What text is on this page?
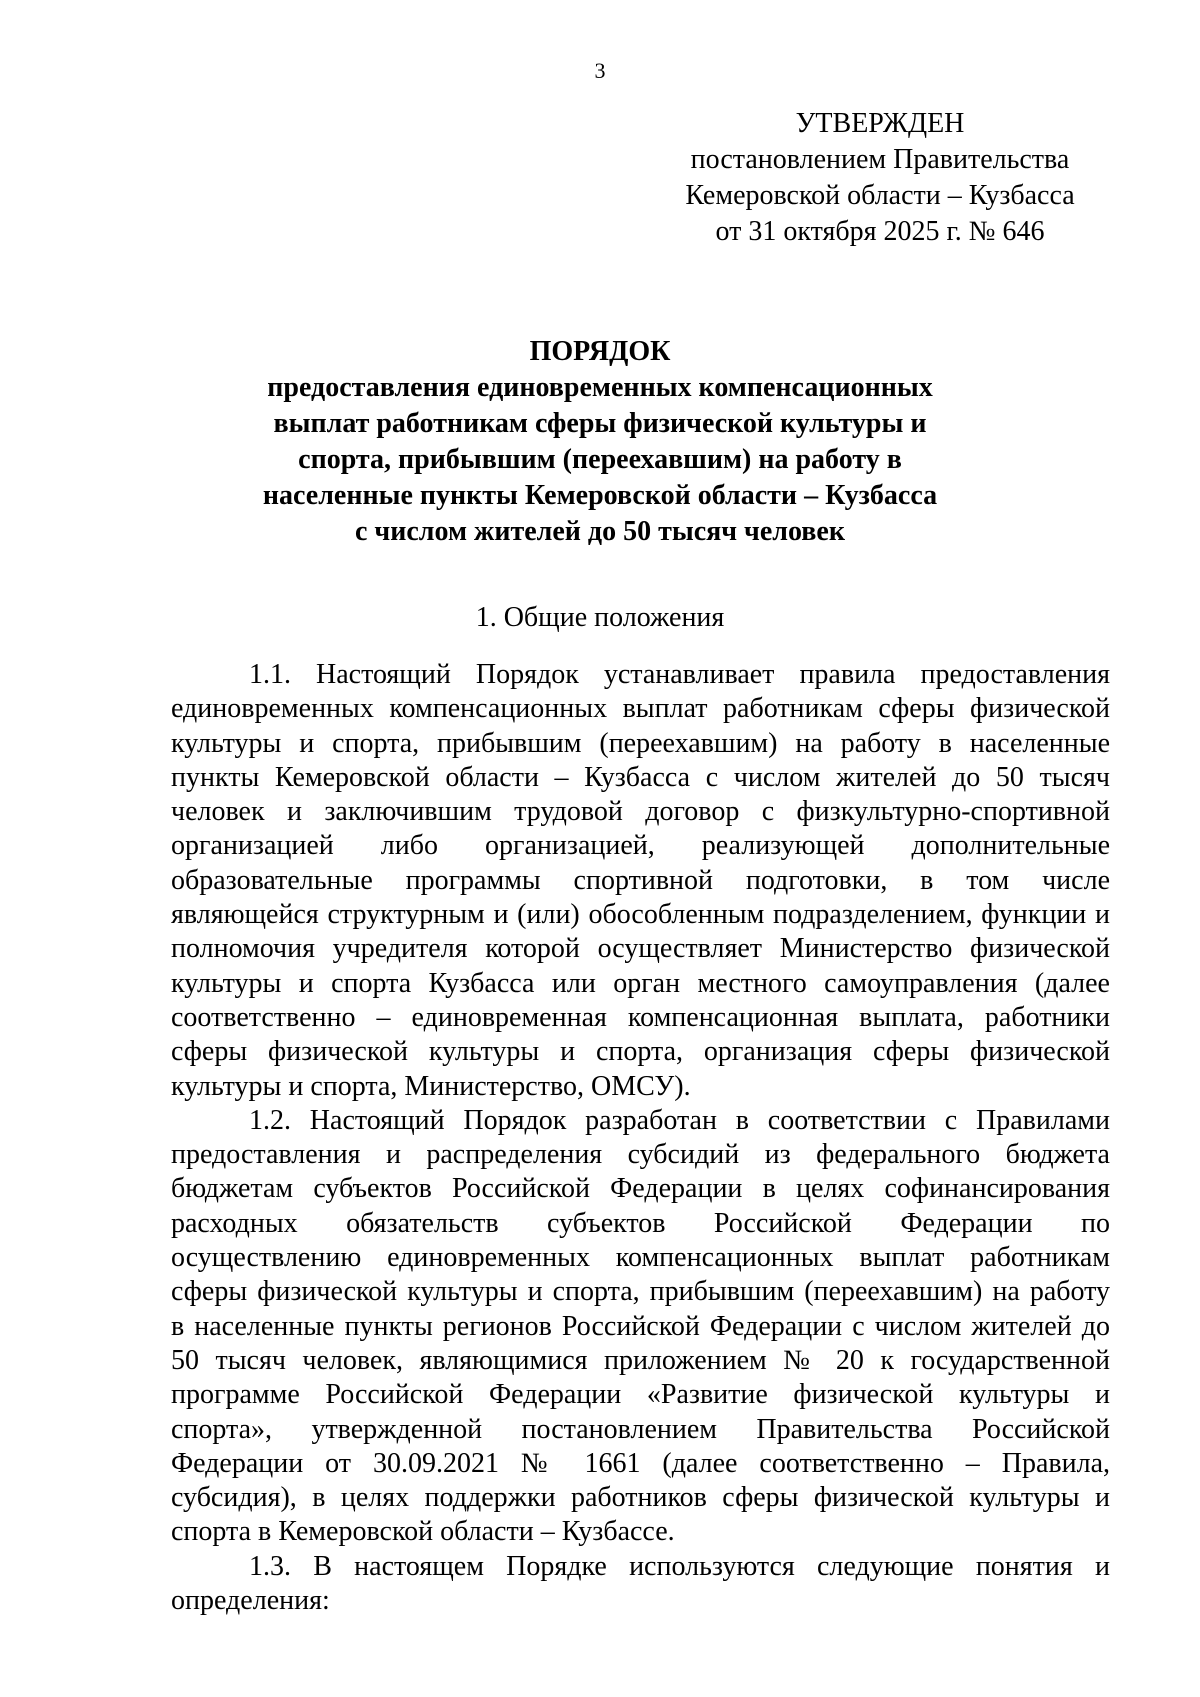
3
УТВЕРЖДЕН
постановлением Правительства
Кемеровской области – Кузбасса
от 31 октября 2025 г. № 646
ПОРЯДОК
предоставления единовременных компенсационных
выплат работникам сферы физической культуры и
спорта, прибывшим (переехавшим) на работу в
населенные пункты Кемеровской области – Кузбасса
с числом жителей до 50 тысяч человек
1. Общие положения
1.1. Настоящий Порядок устанавливает правила предоставления
единовременных компенсационных выплат работникам сферы физической
культуры и спорта, прибывшим (переехавшим) на работу в населенные
пункты Кемеровской области – Кузбасса с числом жителей до 50 тысяч
человек и заключившим трудовой договор с физкультурно-спортивной
организацией либо организацией, реализующей дополнительные
образовательные программы спортивной подготовки, в том числе
являющейся структурным и (или) обособленным подразделением, функции и
полномочия учредителя которой осуществляет Министерство физической
культуры и спорта Кузбасса или орган местного самоуправления (далее
соответственно – единовременная компенсационная выплата, работники
сферы физической культуры и спорта, организация сферы физической
культуры и спорта, Министерство, ОМСУ).
1.2. Настоящий Порядок разработан в соответствии с Правилами
предоставления и распределения субсидий из федерального бюджета
бюджетам субъектов Российской Федерации в целях софинансирования
расходных обязательств субъектов Российской Федерации по
осуществлению единовременных компенсационных выплат работникам
сферы физической культуры и спорта, прибывшим (переехавшим) на работу
в населенные пункты регионов Российской Федерации с числом жителей до
50 тысяч человек, являющимися приложением № 20 к государственной
программе Российской Федерации «Развитие физической культуры и
спорта», утвержденной постановлением Правительства Российской
Федерации от 30.09.2021 № 1661 (далее соответственно – Правила,
субсидия), в целях поддержки работников сферы физической культуры и
спорта в Кемеровской области – Кузбассе.
1.3. В настоящем Порядке используются следующие понятия и
определения:
